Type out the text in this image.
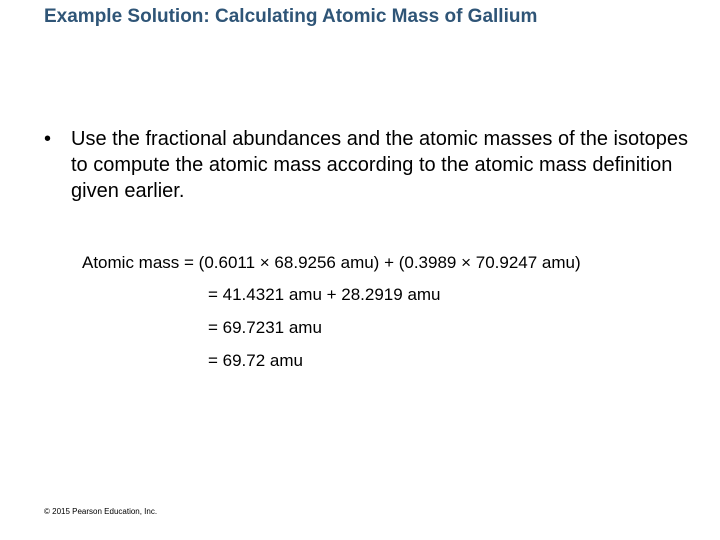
Example Solution: Calculating Atomic Mass of Gallium
• Use the fractional abundances and the atomic masses of the isotopes to compute the atomic mass according to the atomic mass definition given earlier.
Atomic mass = (0.6011 × 68.9256 amu) + (0.3989 × 70.9247 amu)
= 41.4321 amu + 28.2919 amu
= 69.7231 amu
= 69.72 amu
© 2015 Pearson Education, Inc.
